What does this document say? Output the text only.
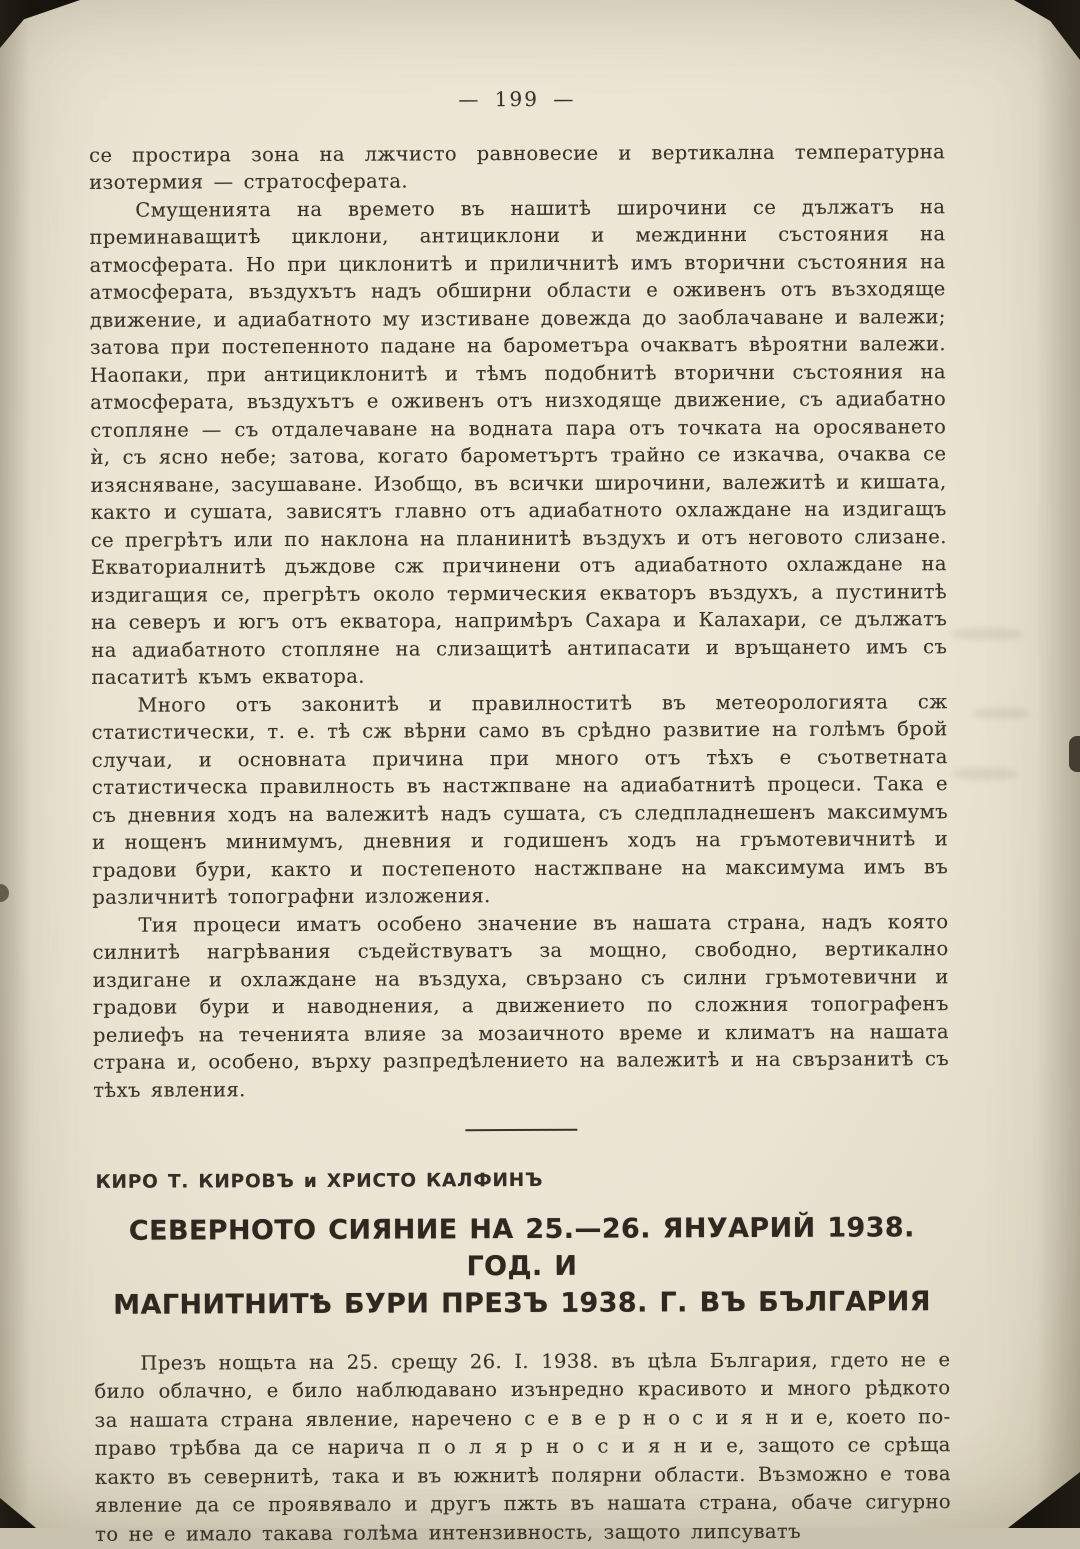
— 199 —

се простира зона на лжчисто равновесие и вертикална температурна изотермия — стратосферата.

Смущенията на времето въ нашитѣ широчини се дължатъ на преминаващитѣ циклони, антициклони и междинни състояния на атмосферата. Но при циклонитѣ и приличнитѣ имъ вторични състояния на атмосферата, въздухътъ надъ обширни области е оживенъ отъ възходяще движение, и адиабатното му изстиване довежда до заоблачаване и валежи; затова при постепенното падане на барометъра очакватъ вѣроятни валежи. Наопаки, при антициклонитѣ и тѣмъ подобнитѣ вторични състояния на атмосферата, въздухътъ е оживенъ отъ низходяще движение, съ адиабатно стопляне — съ отдалечаване на водната пара отъ точката на оросяването ѝ, съ ясно небе; затова, когато барометъртъ трайно се изкачва, очаква се изясняване, засушаване. Изобщо, въ всички широчини, валежитѣ и кишата, както и сушата, зависятъ главно отъ адиабатното охлаждане на издигащъ се прегрѣтъ или по наклона на планинитѣ въздухъ и отъ неговото слизане. Екваториалнитѣ дъждове сж причинени отъ адиабатното охлаждане на издигащия се, прегрѣтъ около термическия екваторъ въздухъ, а пустинитѣ на северъ и югъ отъ екватора, напримѣръ Сахара и Калахари, се дължатъ на адиабатното стопляне на слизащитѣ антипасати и връщането имъ съ пасатитѣ къмъ екватора.

Много отъ законитѣ и правилноститѣ въ метеорологията сж статистически, т. е. тѣ сж вѣрни само въ срѣдно развитие на голѣмъ брой случаи, и основната причина при много отъ тѣхъ е съответната статистическа правилность въ настжпване на адиабатнитѣ процеси. Така е съ дневния ходъ на валежитѣ надъ сушата, съ следпладнешенъ максимумъ и нощенъ минимумъ, дневния и годишенъ ходъ на гръмотевичнитѣ и градови бури, както и постепеното настжпване на максимума имъ въ различнитѣ топографни изложения.

Тия процеси иматъ особено значение въ нашата страна, надъ която силнитѣ нагрѣвания съдействуватъ за мощно, свободно, вертикално издигане и охлаждане на въздуха, свързано съ силни гръмотевични и градови бури и наводнения, а движението по сложния топографенъ релиефъ на теченията влияе за мозаичното време и климатъ на нашата страна и, особено, върху разпредѣлението на валежитѣ и на свързанитѣ съ тѣхъ явления.

КИРО Т. КИРОВЪ и ХРИСТО КАЛФИНЪ
СЕВЕРНОТО СИЯНИЕ НА 25.—26. ЯНУАРИЙ 1938. ГОД. И
МАГНИТНИТѢ БУРИ ПРЕЗЪ 1938. Г. ВЪ БЪЛГАРИЯ

Презъ нощьта на 25. срещу 26. I. 1938. въ цѣла България, гдето не е било облачно, е било наблюдавано изънредно красивото и много рѣдкото за нашата страна явление, наречено с е в е р н о с и я н и е, което по-право трѣбва да се нарича п о л я р н о с и я н и е, защото се срѣща както въ севернитѣ, така и въ южнитѣ полярни области. Възможно е това явление да се проявявало и другъ пжть въ нашата страна, обаче сигурно то не е имало такава голѣма интензивность, защото липсуватъ
